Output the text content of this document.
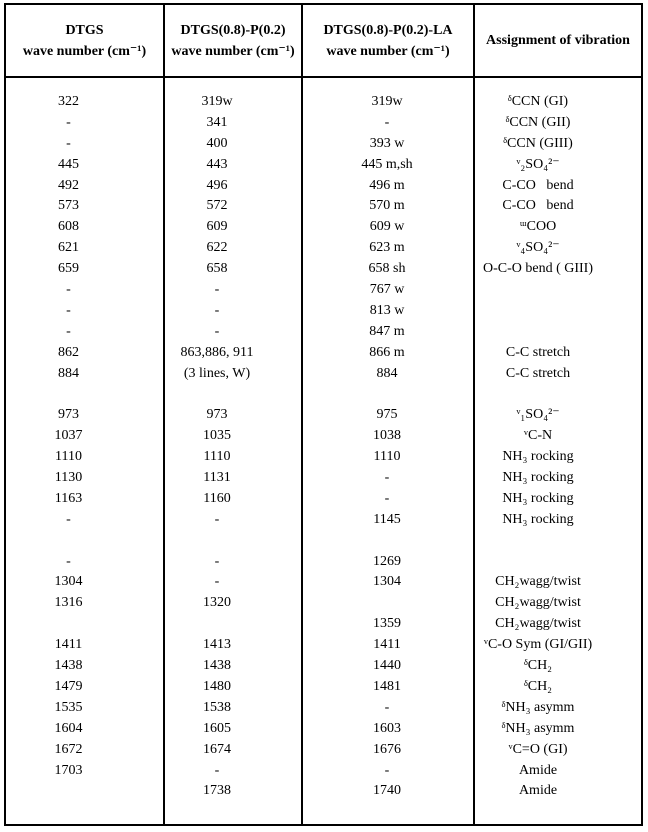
DTGS
wave number (cm⁻¹)
DTGS(0.8)-P(0.2)
wave number (cm⁻¹)
DTGS(0.8)-P(0.2)-LA
wave number (cm⁻¹)
Assignment of vibration
322
-
-
445
492
573
608
621
659
-
-
-
862
884
973
1037
1110
1130
1163
-
-
1304
1316
1411
1438
1479
1535
1604
1672
1703
319w
341
400
443
496
572
609
622
658
-
-
-
863,886, 911
(3 lines, W)
973
1035
1110
1131
1160
-
-
-
1320
1413
1438
1480
1538
1605
1674
-
1738
319w
-
393 w
445 m,sh
496 m
570 m
609 w
623 m
658 sh
767 w
813 w
847 m
866 m
884
975
1038
1110
-
-
1145
1269
1304
1359
1411
1440
1481
-
1603
1676
-
1740
ᵟCCN (GI)
ᵟCCN (GII)
ᵟCCN (GIII)
ᵛ₂SO₄²⁻
C-CO   bend
C-CO   bend
ᵚCOO
ᵛ₄SO₄²⁻
O-C-O bend ( GIII)
C-C stretch
C-C stretch
ᵛ₁SO₄²⁻
ᵛC-N
NH₃ rocking
NH₃ rocking
NH₃ rocking
NH₃ rocking
CH₂wagg/twist
CH₂wagg/twist
CH₂wagg/twist
ᵛC-O Sym (GI/GII)
ᵟCH₂
ᵟCH₂
ᵟNH₃ asymm
ᵟNH₃ asymm
ᵛC=O (GI)
Amide
Amide
